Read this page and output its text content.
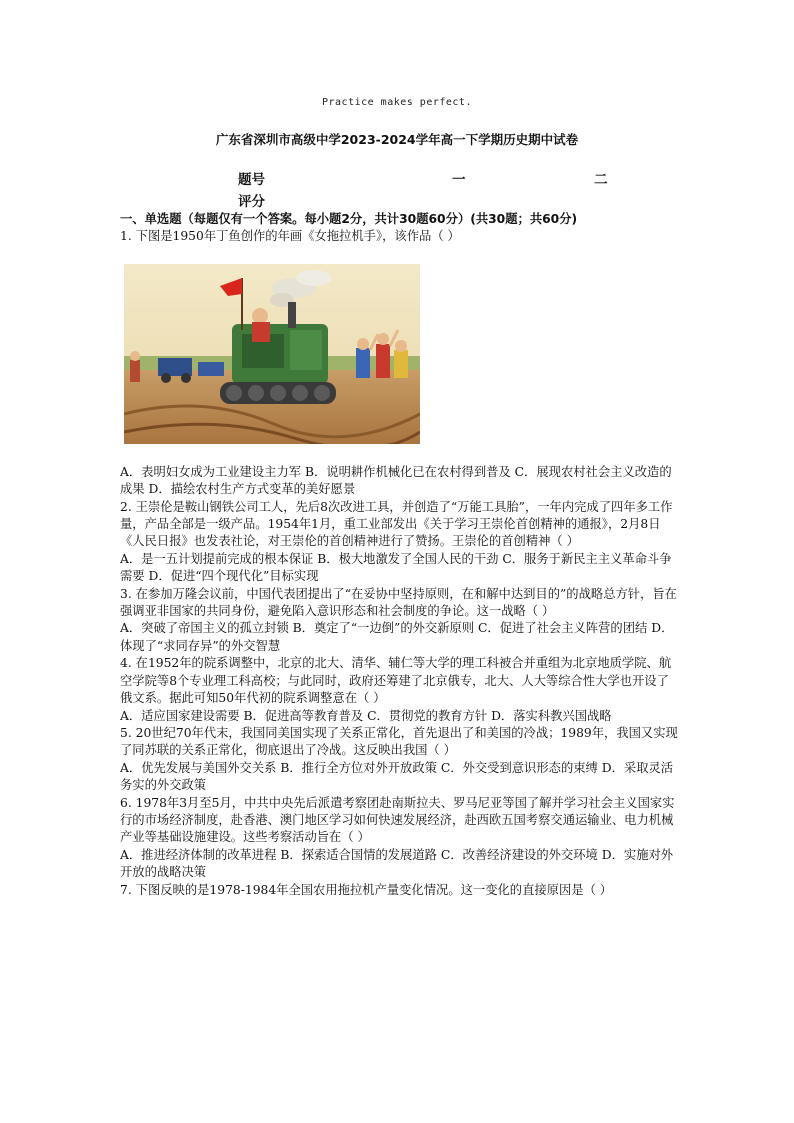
Practice makes perfect.
广东省深圳市高级中学2023-2024学年高一下学期历史期中试卷
题号	一	二
评分
一、单选题（每题仅有一个答案。每小题2分，共计30题60分）(共30题；共60分)

1. 下图是1950年丁鱼创作的年画《女拖拉机手》，该作品（ ）

A．表明妇女成为工业建设主力军 B．说明耕作机械化已在农村得到普及 C．展现农村社会主义改造的成果 D．描绘农村生产方式变革的美好愿景

2. 王崇伦是鞍山钢铁公司工人，先后8次改进工具，并创造了“万能工具胎”，一年内完成了四年多工作量，产品全部是一级产品。1954年1月，重工业部发出《关于学习王崇伦首创精神的通报》，2月8日《人民日报》也发表社论，对王崇伦的首创精神进行了赞扬。王崇伦的首创精神（ ）

A．是一五计划提前完成的根本保证 B．极大地激发了全国人民的干劲 C．服务于新民主主义革命斗争需要 D．促进“四个现代化”目标实现

3. 在参加万隆会议前，中国代表团提出了“在妥协中坚持原则，在和解中达到目的”的战略总方针，旨在强调亚非国家的共同身份，避免陷入意识形态和社会制度的争论。这一战略（ ）

A．突破了帝国主义的孤立封锁 B．奠定了“一边倒”的外交新原则 C．促进了社会主义阵营的团结 D．体现了“求同存异”的外交智慧

4. 在1952年的院系调整中，北京的北大、清华、辅仁等大学的理工科被合并重组为北京地质学院、航空学院等8个专业理工科高校；与此同时，政府还筹建了北京俄专，北大、人大等综合性大学也开设了俄文系。据此可知50年代初的院系调整意在（ ）

A．适应国家建设需要 B．促进高等教育普及 C．贯彻党的教育方针 D．落实科教兴国战略

5. 20世纪70年代末，我国同美国实现了关系正常化，首先退出了和美国的冷战；1989年，我国又实现了同苏联的关系正常化，彻底退出了冷战。这反映出我国（ ）

A．优先发展与美国外交关系 B．推行全方位对外开放政策 C．外交受到意识形态的束缚 D．采取灵活务实的外交政策

6. 1978年3月至5月，中共中央先后派遣考察团赴南斯拉夫、罗马尼亚等国了解并学习社会主义国家实行的市场经济制度，赴香港、澳门地区学习如何快速发展经济，赴西欧五国考察交通运输业、电力机械产业等基础设施建设。这些考察活动旨在（ ）

A．推进经济体制的改革进程 B．探索适合国情的发展道路 C．改善经济建设的外交环境 D．实施对外开放的战略决策

7. 下图反映的是1978-1984年全国农用拖拉机产量变化情况。这一变化的直接原因是（ ）
